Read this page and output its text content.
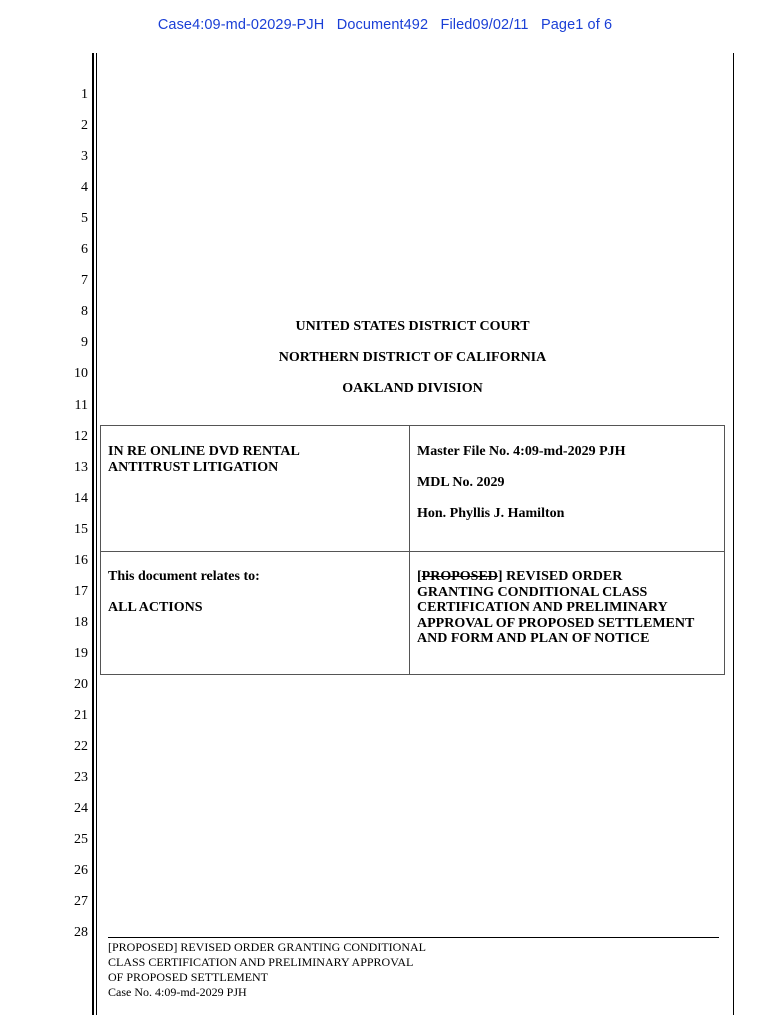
Case4:09-md-02029-PJH   Document492   Filed09/02/11   Page1 of 6
1
2
3
4
5
6
7
8
9
10
11
12
13
14
15
16
17
18
19
20
21
22
23
24
25
26
27
28
UNITED STATES DISTRICT COURT
NORTHERN DISTRICT OF CALIFORNIA
OAKLAND DIVISION
IN RE ONLINE DVD RENTAL
ANTITRUST LITIGATION
Master File No. 4:09-md-2029 PJH
MDL No. 2029
Hon. Phyllis J. Hamilton
This document relates to:
ALL ACTIONS
[PROPOSED] REVISED ORDER
GRANTING CONDITIONAL CLASS
CERTIFICATION AND PRELIMINARY
APPROVAL OF PROPOSED SETTLEMENT
AND FORM AND PLAN OF NOTICE
[PROPOSED] REVISED ORDER GRANTING CONDITIONAL
CLASS CERTIFICATION AND PRELIMINARY APPROVAL
OF PROPOSED SETTLEMENT
Case No. 4:09-md-2029 PJH
